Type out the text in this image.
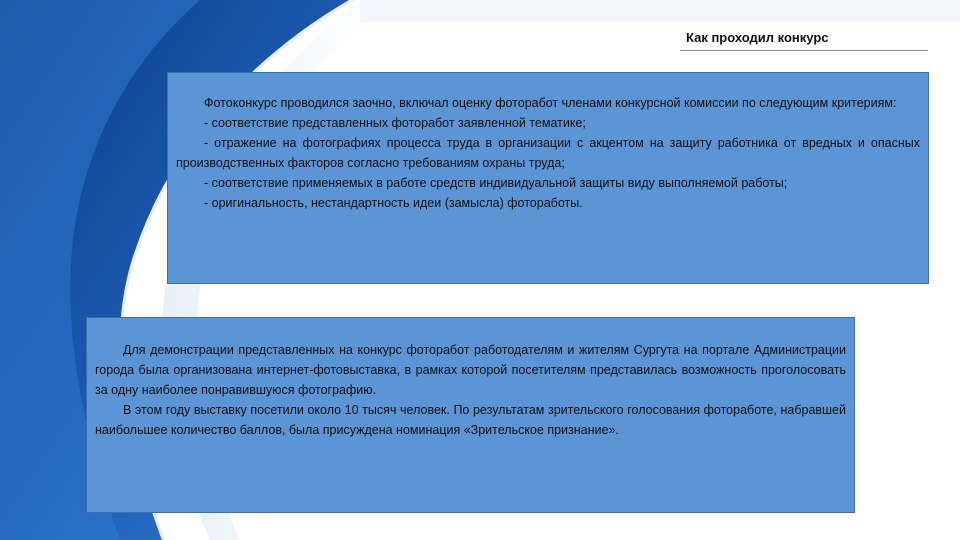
Как проходил конкурс

Фотоконкурс проводился заочно, включал оценку фоторабот членами конкурсной комиссии по следующим критериям:

- соответствие представленных фоторабот заявленной тематике;

- отражение на фотографиях процесса труда в организации с акцентом на защиту работника от вредных и опасных производственных факторов согласно требованиям охраны труда;

- соответствие применяемых в работе средств индивидуальной защиты виду выполняемой работы;

- оригинальность, нестандартность идеи (замысла) фотоработы.

Для демонстрации представленных на конкурс фоторабот работодателям и жителям Сургута на портале Администрации города была организована интернет-фотовыставка, в рамках которой посетителям представилась возможность проголосовать за одну наиболее понравившуюся фотографию.

В этом году выставку посетили около 10 тысяч человек. По результатам зрительского голосования фотоработе, набравшей наибольшее количество баллов, была присуждена номинация «Зрительское признание».
